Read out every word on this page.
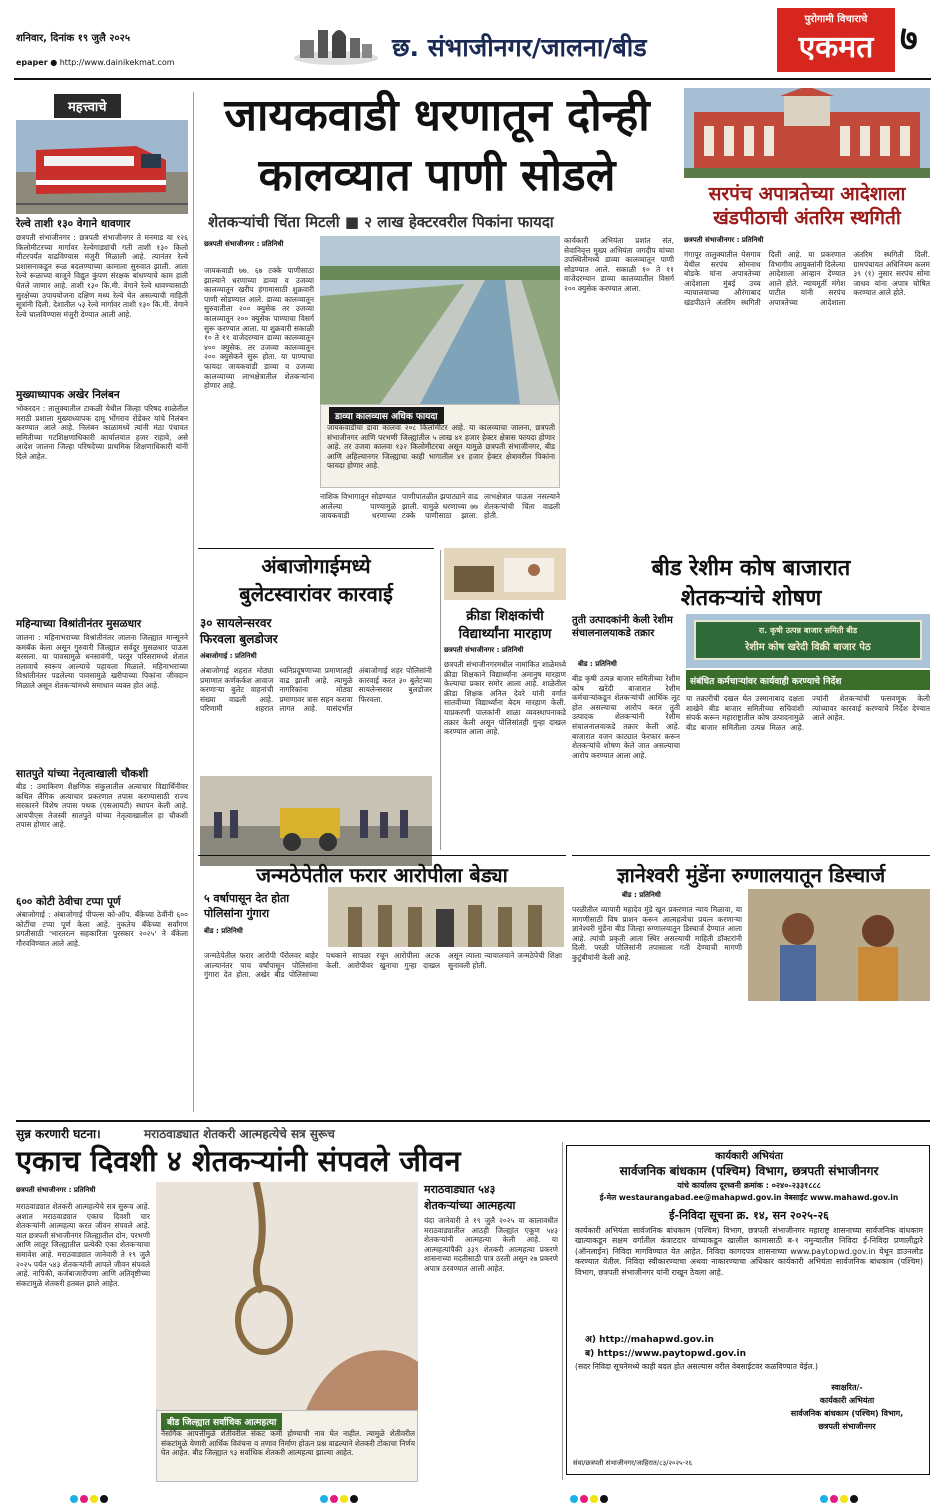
शनिवार, दिनांक १९ जुलै २०२५
epaper ● http://www.dainikekmat.com
छ. संभाजीनगर/जालना/बीड
पुरोगामी विचाराचे
एकमत ७
महत्त्वाचे
रेल्वे ताशी १३० वेगाने धावणार
छत्रपती संभाजीनगर : छत्रपती संभाजीनगर ते मनमाड या १२६ किलोमीटरच्या मार्गावर रेल्वेगाड्यांची गती ताशी १३० किलो मीटरपर्यंत वाढविण्यास मंजुरी मिळाली आहे. त्यानंतर रेल्वे प्रशासनाकडून रूळ बदलण्याच्या कामाला सुरुवात झाली. आता रेल्वे रूळाच्या बाजूने विद्युत कुंपण संरक्षक बांधण्याचे काम हाती घेतले जाणार आहे. ताशी १३० कि.मी. वेगाने रेल्वे धावण्यासाठी सुरक्षेच्या उपाययोजना दक्षिण मध्य रेल्वे घेत असल्याची माहिती सूत्रांनी दिली. देशातील ५३ रेल्वे मार्गावर ताशी १३० कि.मी. वेगाने रेल्वे चालविण्यास मंजुरी देण्यात आली आहे.
मुख्याध्यापक अखेर निलंबन
भोकरदन : तालुक्यातील टाकळी येथील जिल्हा परिषद शाळेतील मराठी प्रशाला मुख्याध्यापक दामू भोंगराव रोडेकर यांचे निलंबन करण्यात आले आहे. निलंबन काळामध्ये त्यांनी मंठा पंचायत समितीच्या गटशिक्षणाधिकारी कार्यालयात हजर राहावे, असे आदेश जालना जिल्हा परिषदेच्या प्राथमिक शिक्षणाधिकारी यांनी दिले आहेत.
महिन्याच्या विश्रांतीनंतर मुसळधार
जालना : महिनाभराच्या विश्रांतीनंतर जालना जिल्ह्यात मान्सूनने कमबॅक केला असून गुरुवारी जिल्ह्यात सर्वदूर मुसळधार पाऊस बरसला. या पावसामुळे धनसावंगी, परतूर परिसरामध्ये शेतात तलावाचे स्वरूप आल्याचे पहायला मिळाले. महिनाभराच्या विश्रांतीनंतर पडलेल्या पावसामुळे खरीपाच्या पिकांना जीवदान मिळाले असून शेतकऱ्यांमध्ये समाधान व्यक्त होत आहे.
सातपुते यांच्या नेतृत्वाखाली चौकशी
बीड : उमाकिरण शैक्षणिक संकुलातील अत्याचार विद्यार्थिनीवर कथित लैंगिक अत्याचार प्रकरणात तपास करण्यासाठी राज्य सरकारने विशेष तपास पथक (एसआयटी) स्थापन केली आहे. आयपीएस तेजस्वी सातपुते यांच्या नेतृत्वाखालील हा चौकशी तपास होणार आहे.
६०० कोटी ठेवीचा टप्पा पूर्ण
अंबाजोगाई : अंबाजोगाई पीपल्स को-ऑप. बँकेच्या ठेवींनी ६०० कोटींचा टप्पा पूर्ण केला आहे. नुकतेच बँकेच्या सर्वांगण प्रगतीसाठी 'भारतरत्न सहकारिता पुरस्कार २०२५' ने बँकेला गौरवविण्यात आले आहे.
जायकवाडी धरणातून दोन्ही
कालव्यात पाणी सोडले
शेतकऱ्यांची चिंता मिटली ■ २ लाख हेक्टरवरील पिकांना फायदा
छत्रपती संभाजीनगर : प्रतिनिधी
जायकवाडी ७७. ६७ टक्के पाणीसाठा झाल्याने धरणाच्या डाव्या व उजव्या कालव्यातून खरीप हंगामासाठी शुक्रवारी पाणी सोडण्यात आले. डाव्या कालव्यातून सुरुवातीला २०० क्युसेक तर उजव्या कालव्यातून २०० क्युसेक पाण्याचा विसर्ग सुरू करण्यात आला. या शुक्रवारी सकाळी १० ते ११ वाजेदरम्यान डाव्या कालव्यातून ४०० क्युसेक. तर उजव्या कालव्यातून २०० क्युसेकने सुरू होता. या पाण्याचा फायदा जायकवाडी डाव्या व उजव्या कालव्याच्या लाभक्षेत्रातील शेतकऱ्यांना होणार आहे.
डाव्या कालव्यास अधिक फायदा
जायकवाडीचा डावा कालवा २०८ किलोमीटर आहे. या कालव्याचा जालना, छत्रपती संभाजीनगर आणि परभणी जिल्ह्यांतील ५ लाख ४१ हजार हेक्टर क्षेत्रास फायदा होणार आहे. तर उजवा कालवा १३२ किलोमीटरचा असून यामुळे छत्रपती संभाजीनगर, बीड आणि अहिल्यानगर जिल्ह्याचा काही भागातील ४१ हजार हेक्टर क्षेत्रावरील पिकांना फायदा होणार आहे.
नाशिक विभागातून सोडण्यात आलेल्या पाण्यामुळे जायकवाडी धरणाच्या पाणीपातळीत झपाट्याने वाढ झाली. यामुळे धरणाच्या ७७ टक्के पाणीसाठा झाला. लाभक्षेत्रात पाऊस नसल्याने शेतकऱ्यांची चिंता वाढली होती.
कार्यकारी अभियंता प्रशांत संत, सेवानिवृत्त मुख्य अभियंता जगदीप यांच्या उपस्थितीमध्ये डाव्या कालव्यातून पाणी सोडण्यात आले. सकाळी १० ते ११ वाजेदरम्यान डाव्या कालव्यातील विसर्ग २०० क्युसेक करण्यात आला.
सरपंच अपात्रतेच्या आदेशाला
खंडपीठाची अंतरिम स्थगिती
छत्रपती संभाजीनगर : प्रतिनिधी
गंगापूर तालुक्यातील येसगाव येथील सरपंच सोमनाथ बोडके यांना अपात्रतेच्या आदेशाला मुंबई उच्च न्यायालयाच्या औरंगाबाद खंडपीठाने अंतरिम स्थगिती दिली आहे. या प्रकरणात विभागीय आयुक्तांनी दिलेल्या आदेशाला आव्हान देण्यात आले होते. न्यायमूर्ती मंगेश पाटील यांनी सरपंच अपात्रतेच्या आदेशाला अंतरिम स्थगिती दिली. ग्रामपंचायत अधिनियम कलम ३९ (१) नुसार सरपंच सोमा जाधव यांना अपात्र घोषित करण्यात आले होते.
अंबाजोगाईमध्ये
बुलेटस्वारांवर कारवाई
३० सायलेन्सरवर
फिरवला बुलडोजर
अंबाजोगाई : प्रतिनिधी
अंबाजोगाई शहरात मोठ्या प्रमाणात कर्णकर्कश आवाज करणाऱ्या बुलेट वाहनांची संख्या वाढली आहे. परिणामी शहरात ध्वनिप्रदूषणाच्या प्रमाणातही वाढ झाली आहे. त्यामुळे नागरिकांना मोठ्या प्रमाणावर त्रास सहन करावा लागत आहे. यासंदर्भात अंबाजोगाई शहर पोलिसांनी कारवाई करत ३० बुलेटच्या सायलेन्सरवर बुलडोजर फिरवला.
क्रीडा शिक्षकांची
विद्यार्थ्यांना मारहाण
छत्रपती संभाजीनगर : प्रतिनिधी
छत्रपती संभाजीनगरमधील नामांकित शाळेमध्ये क्रीडा शिक्षकाने विद्यार्थ्यांना अमानुष मारहाण केल्याचा प्रकार समोर आला आहे. शाळेतील क्रीडा शिक्षक अनिल देवरे यांनी वर्गात सातवीच्या विद्यार्थ्यांना बेदम मारहाण केली. याप्रकरणी पालकांनी शाळा व्यवस्थापनाकडे तक्रार केली असून पोलिसांतही गुन्हा दाखल करण्यात आला आहे.
बीड रेशीम कोष बाजारात
शेतकऱ्यांचे शोषण
तुती उत्पादकांनी केली रेशीम संचालनालयाकडे तक्रार
बीड : प्रतिनिधी
बीड कृषी उत्पन्न बाजार समितीच्या रेशीम कोष खरेदी बाजारात रेशीम कर्मचाऱ्यांकडून शेतकऱ्यांची आर्थिक लूट होत असल्याचा आरोप करत तुती उत्पादक शेतकऱ्यांनी रेशीम संचालनालयाकडे तक्रार केली आहे. बाजारात वजन काट्यात फेरफार करून शेतकऱ्यांचे शोषण केले जात असल्याचा आरोप करण्यात आला आहे.
रा. कृषी उत्पन्न बाजार समिती बीड
रेशीम कोष खरेदी विक्री बाजार पेठ
संबंधित कर्मचाऱ्यांवर कार्यवाही करण्याचे निर्देश
या तक्रारीची दखल घेत उस्मानाबाद दक्षता शाखेने बीड बाजार समितीच्या सचिवांशी संपर्क करून महाराष्ट्रातील कोष उत्पादनामुळे बीड बाजार समितीला उत्पन्न मिळत आहे. ज्यांनी शेतकऱ्यांची फसवणूक केली त्यांच्यावर कारवाई करण्याचे निर्देश देण्यात आले आहेत.
जन्मठेपेतील फरार आरोपीला बेड्या
५ वर्षापासून देत होता
पोलिसांना गुंगारा
बीड : प्रतिनिधी
जन्मठेपेतील फरार आरोपी पॅरोलवर बाहेर आल्यानंतर पाच वर्षांपासून पोलिसांना गुंगारा देत होता. अखेर बीड पोलिसांच्या पथकाने सापळा रचून आरोपीला अटक केली. आरोपीवर खुनाचा गुन्हा दाखल असून त्याला न्यायालयाने जन्मठेपेची शिक्षा सुनावली होती.
ज्ञानेश्वरी मुंडेंना रुग्णालयातून डिस्चार्ज
बीड : प्रतिनिधी
परळीतील व्यापारी महादेव मुंडे खून प्रकरणात न्याय मिळावा, या मागणीसाठी विष प्राशन करून आत्महत्येचा प्रयत्न करणाऱ्या ज्ञानेश्वरी मुंडेंना बीड जिल्हा रुग्णालयातून डिस्चार्ज देण्यात आला आहे. त्यांची प्रकृती आता स्थिर असल्याची माहिती डॉक्टरांनी दिली. परळी पोलिसांनी तपासाला गती देण्याची मागणी कुटुंबीयांनी केली आहे.
सुन्न करणारी घटना।	मराठवाड्यात शेतकरी आत्महत्येचे सत्र सुरूच
एकाच दिवशी ४ शेतकऱ्यांनी संपवले जीवन
छत्रपती संभाजीनगर : प्रतिनिधी
मराठवाड्यात शेतकरी आत्महत्येचे सत्र सुरूच आहे. अशात मराठवाड्यात एकाच दिवशी चार शेतकऱ्यांनी आत्महत्या करत जीवन संपवले आहे. यात छत्रपती संभाजीनगर जिल्ह्यातील दोन, परभणी आणि लातूर जिल्ह्यातील प्रत्येकी एका शेतकऱ्याचा समावेश आहे. मराठवाड्यात जानेवारी ते १९ जुलै २०२५ पर्यंत ५४३ शेतकऱ्यांनी आपले जीवन संपवले आहे. नापिकी, कर्जबाजारीपणा आणि अतिवृष्टीच्या संकटामुळे शेतकरी हतबल झाले आहेत.
बीड जिल्ह्यात सर्वाधिक आत्महत्या
नैसर्गिक आपत्तीमुळे शेतीवरील संकट कमी होण्याची नाव घेत नाहीत. त्यामुळे शेतीवरील संकटांमुळे येणारी आर्थिक विवंचना व तणाव निर्माण होऊन प्रश्न वाढल्याने शेतकरी टोकाचा निर्णय घेत आहेत. बीड जिल्ह्यात ९३ सर्वाधिक शेतकरी आत्महत्या झाल्या आहेत.
मराठवाड्यात ५४३
शेतकऱ्यांच्या आत्महत्या
यंदा जानेवारी ते १९ जुलै २०२५ या कालावधीत मराठवाड्यातील आठही जिल्ह्यांत एकूण ५४३ शेतकऱ्यांनी आत्महत्या केली आहे. या आत्महत्यांपैकी ३३९ शेतकरी आत्महत्या प्रकरणे शासनाच्या मदतीसाठी पात्र ठरली असून २७ प्रकरणे अपात्र ठरवण्यात आली आहेत.
कार्यकारी अभियंता
सार्वजनिक बांधकाम (पश्चिम) विभाग, छत्रपती संभाजीनगर
यांचे कार्यालय दूरध्वनी क्रमांक : ०२४०-२३३१८८८
ई-मेल westaurangabad.ee@mahapwd.gov.in वेबसाईट www.mahawd.gov.in
ई-निविदा सूचना क्र. १४, सन २०२५-२६
कार्यकारी अभियंता सार्वजनिक बांधकाम (पश्चिम) विभाग, छत्रपती संभाजीनगर महाराष्ट्र शासनाच्या सार्वजनिक बांधकाम खात्याकडून सक्षम वर्गातील कंत्राटदार यांच्याकडून खालील कामासाठी ब-१ नमुन्यातील निविदा ई-निविदा प्रणालीद्वारे (ऑनलाईन) निविदा मागविण्यात येत आहेत. निविदा कागदपत्र शासनाच्या www.paytopwd.gov.in येथून डाउनलोड करण्यात येतील. निविदा स्वीकारण्याचा अथवा नाकारण्याचा अधिकार कार्यकारी अभियंता सार्वजनिक बांधकाम (पश्चिम) विभाग, छत्रपती संभाजीनगर यांनी राखून ठेवला आहे.
अ) http://mahapwd.gov.in
ब) https://www.paytopwd.gov.in
(सदर निविदा सूचनेमध्ये काही बदल होत असल्यास वरील वेबसाईटवर कळविण्यात येईल.)
स्वाक्षरित/-
कार्यकारी अभियंता
सार्वजनिक बांधकाम (पश्चिम) विभाग,
छत्रपती संभाजीनगर
संवा/छत्रपती संभाजीनगर/जाहिरात/८३/२०२५-२६
